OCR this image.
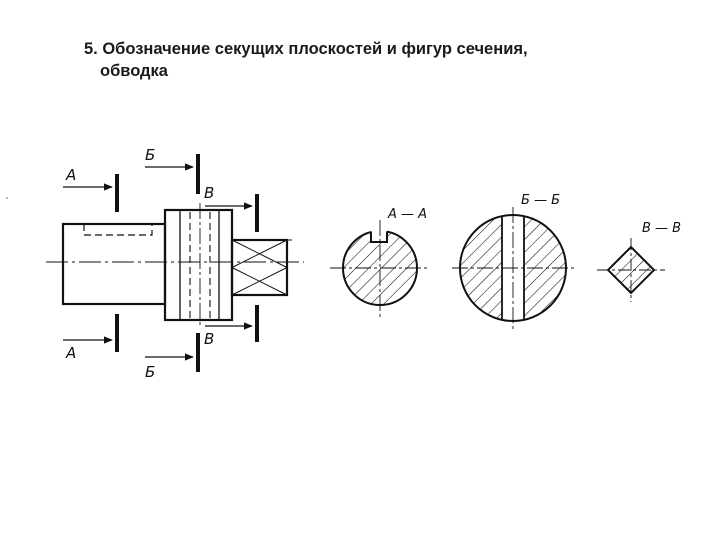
5. Обозначение секущих плоскостей и фигур сечения,
обводка
А
А
Б
Б
В
В
А — А
Б — Б
В — В
